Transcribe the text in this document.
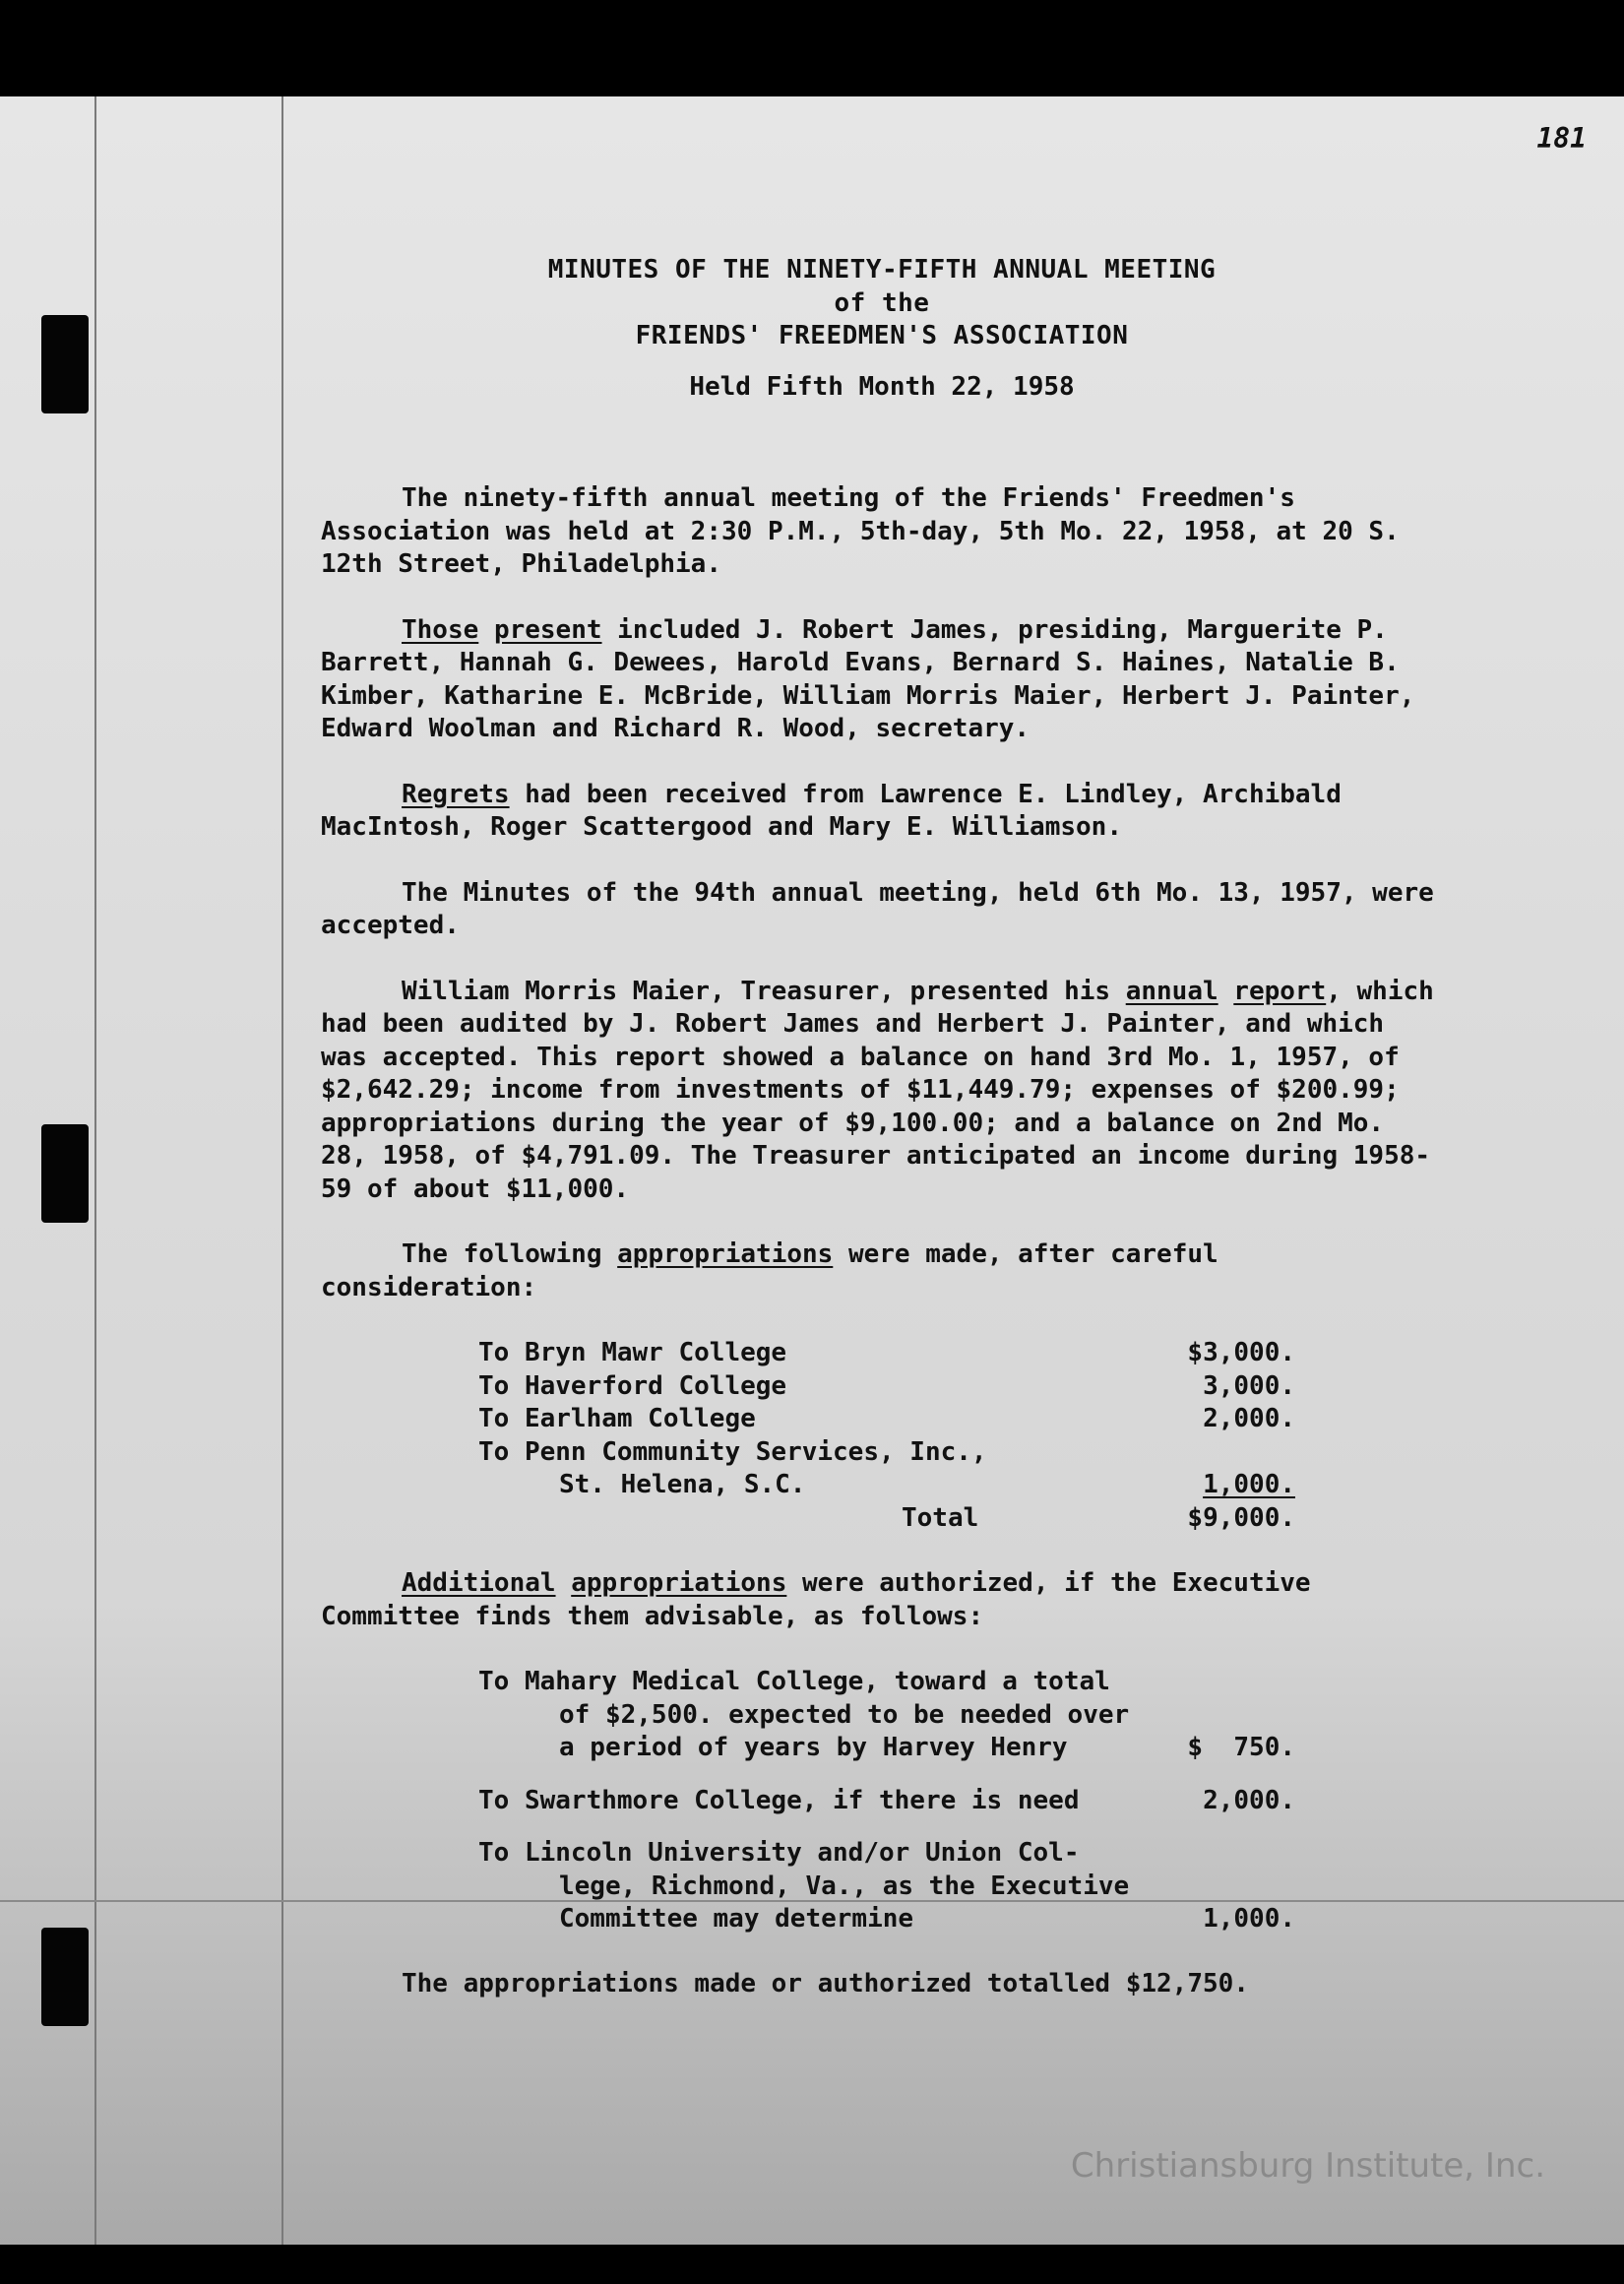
181
MINUTES OF THE NINETY-FIFTH ANNUAL MEETING
of the
FRIENDS' FREEDMEN'S ASSOCIATION
Held Fifth Month 22, 1958

The ninety-fifth annual meeting of the Friends' Freedmen's Association was held at 2:30 P.M., 5th-day, 5th Mo. 22, 1958, at 20 S. 12th Street, Philadelphia.

Those present included J. Robert James, presiding, Marguerite P. Barrett, Hannah G. Dewees, Harold Evans, Bernard S. Haines, Natalie B. Kimber, Katharine E. McBride, William Morris Maier, Herbert J. Painter, Edward Woolman and Richard R. Wood, secretary.

Regrets had been received from Lawrence E. Lindley, Archibald MacIntosh, Roger Scattergood and Mary E. Williamson.

The Minutes of the 94th annual meeting, held 6th Mo. 13, 1957, were accepted.

William Morris Maier, Treasurer, presented his annual report, which had been audited by J. Robert James and Herbert J. Painter, and which was accepted. This report showed a balance on hand 3rd Mo. 1, 1957, of $2,642.29; income from investments of $11,449.79; expenses of $200.99; appropriations during the year of $9,100.00; and a balance on 2nd Mo. 28, 1958, of $4,791.09. The Treasurer anticipated an income during 1958-59 of about $11,000.

The following appropriations were made, after careful consideration:

To Bryn Mawr College	$3,000.
To Haverford College	3,000.
To Earlham College	2,000.
To Penn Community Services, Inc.,
St. Helena, S.C.	1,000.
Total	$9,000.

Additional appropriations were authorized, if the Executive Committee finds them advisable, as follows:

To Mahary Medical College, toward a total
of $2,500. expected to be needed over
a period of years by Harvey Henry	$  750.
To Swarthmore College, if there is need	2,000.
To Lincoln University and/or Union Col-
lege, Richmond, Va., as the Executive
Committee may determine	1,000.
The appropriations made or authorized totalled $12,750.
Christiansburg Institute, Inc.
